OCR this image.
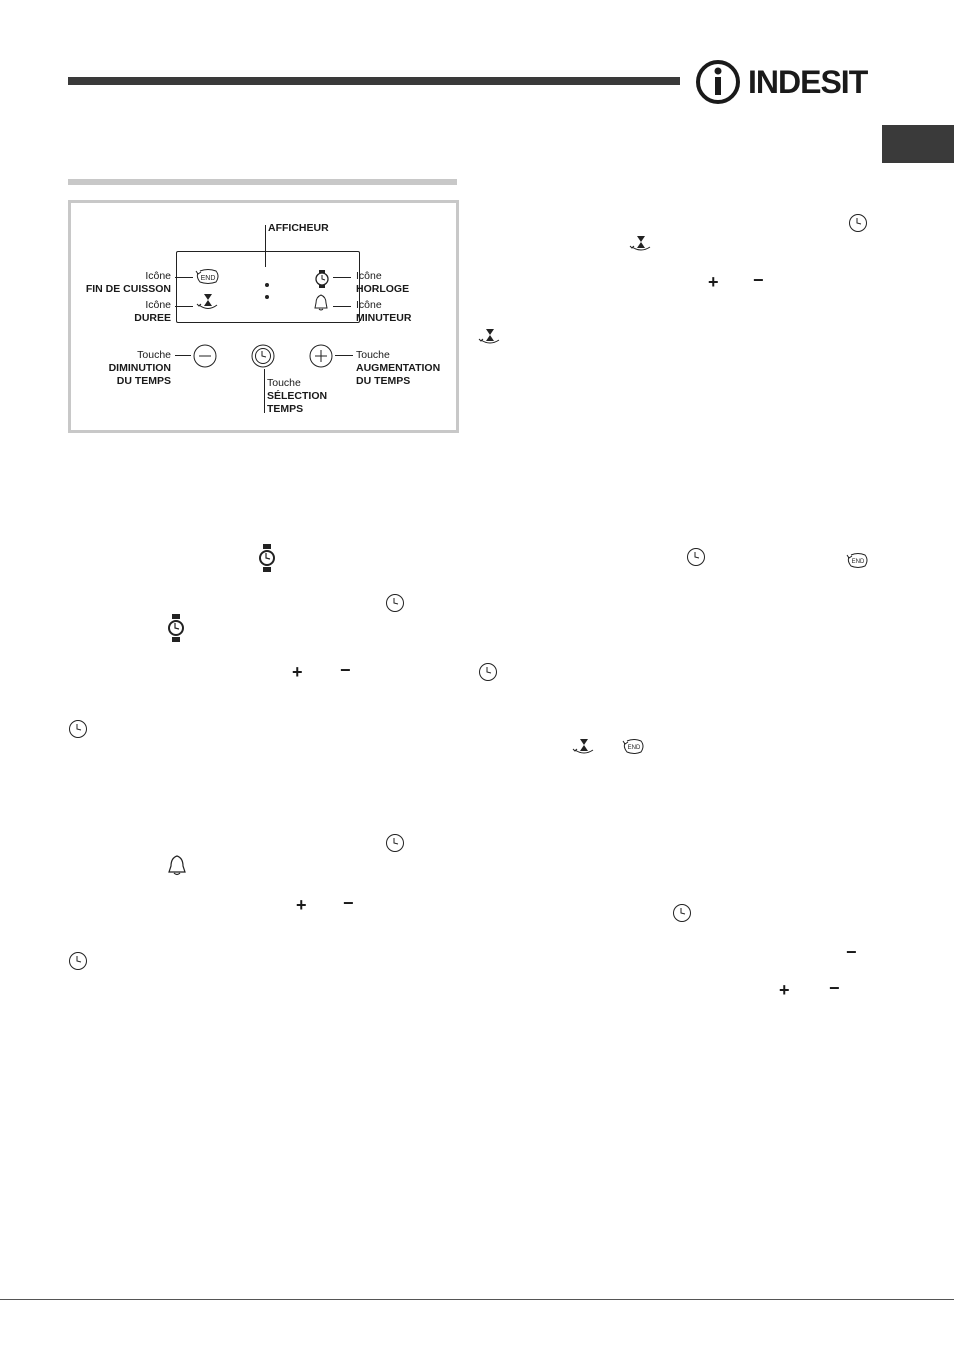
INDESIT
AFFICHEUR
END
Icône
FIN DE CUISSON
Icône
DUREE
Icône
HORLOGE
Icône
MINUTEUR
Touche
DIMINUTION
DU TEMPS	Touche
SÉLECTION
TEMPS
Touche
AUGMENTATION
DU TEMPS
+ −
+ −
+ −
END
END
−
+ −
